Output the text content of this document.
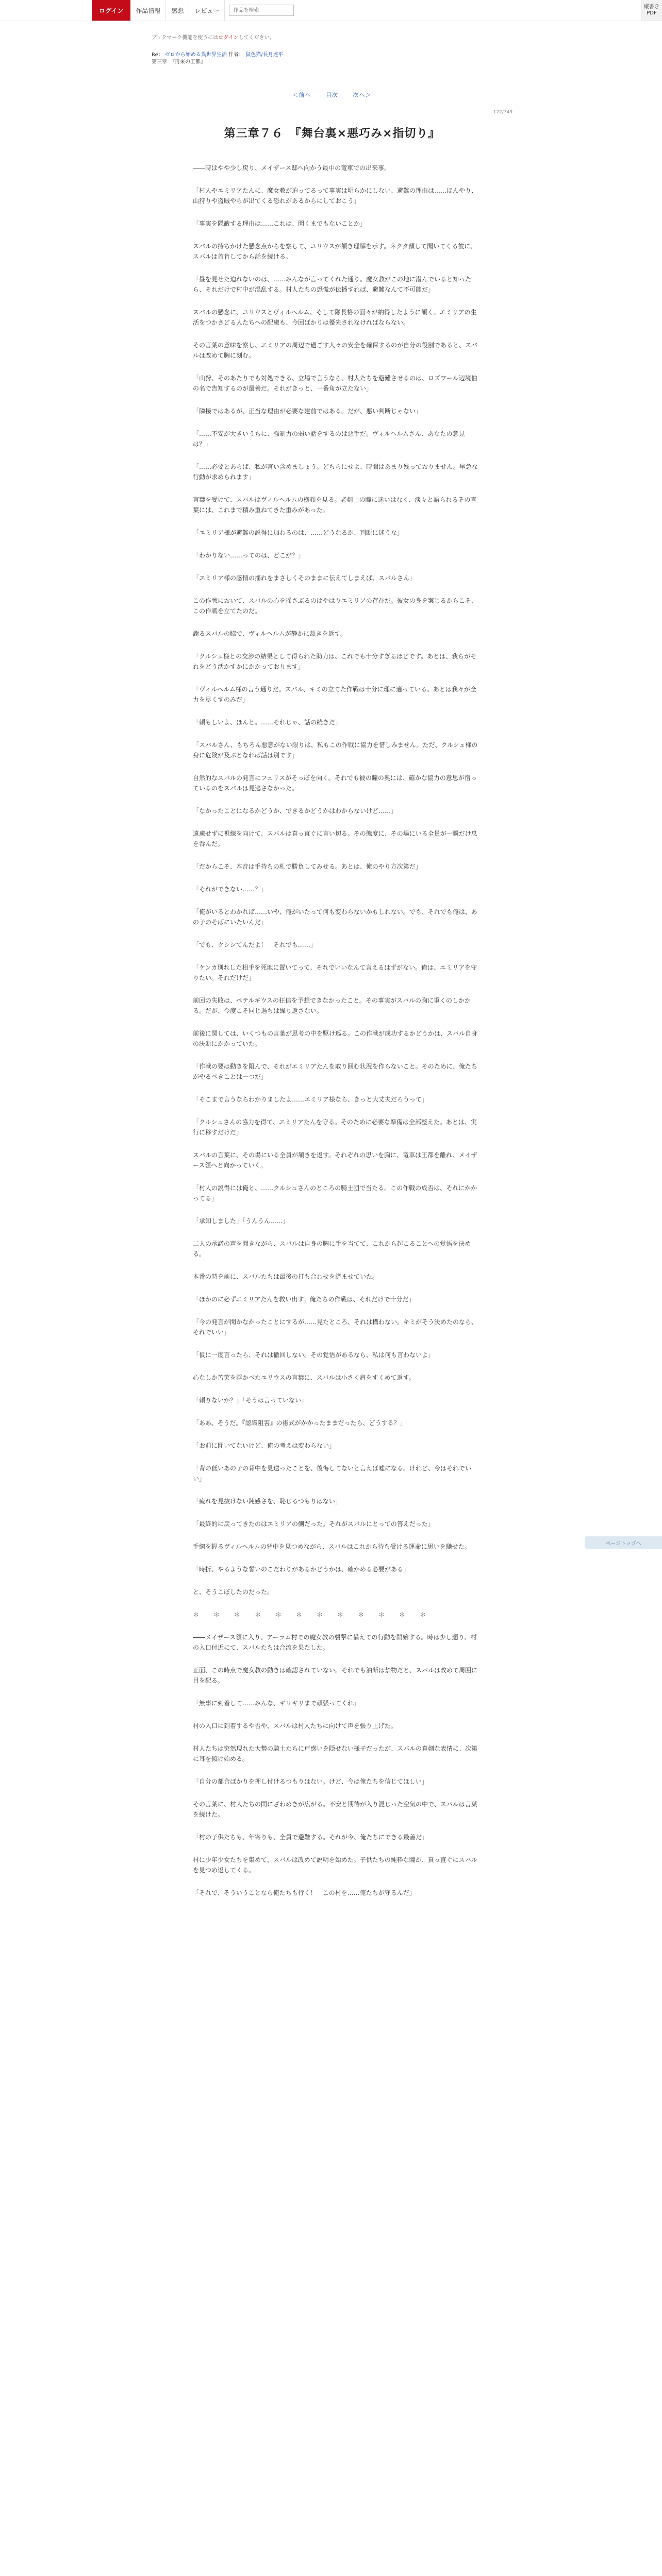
ログイン	作品情報	感想	レビュー
作品を検索	縦書きPDF
ブックマーク機能を使うにはログインしてください。
Re： ゼロから始める異世界生活 作者： 鼠色猫/長月達平
第三章　『再来の王都』
＜前へ	目次	次へ＞
122/749
第三章７６　『舞台裏×悪巧み×指切り』

――時はやや少し戻り、メイザース邸へ向かう最中の竜車での出来事。

「村人やエミリアたんに、魔女教が迫ってるって事実は明らかにしない、避難の理由は……ほんやり、山狩りや盗賊やらが出てくる恐れがあるからにしておこう」

「事実を隠蔽する理由は……これは、聞くまでもないことか」

スバルの持ちかけた懸念点からを察して、ユリウスが頷き理解を示す。ネクタ顔して聞いてくる彼に、スバルは首肯してから話を続ける。

「昼を見せた迫れないのは、……みんなが言ってくれた通り。魔女教がこの地に潜んでいると知ったら、それだけで村中が混乱する。村人たちの恐慌が伝播すれば、避難なんて不可能だ」

スバルの懸念に、ユリウスとヴィルヘルム、そして隊長格の面々が納得したように頷く。エミリアの生活をつかさどる人たちへの配慮も、今回ばかりは優先されなければならない。

その言葉の意味を察し、エミリアの周辺で過ごす人々の安全を確保するのが自分の役割であると、スバルは改めて胸に刻む。

「山狩、そのあたりでも対処できる、立場で言うなら、村人たちを避難させるのは、ロズワール辺境伯の名で告知するのが最善だ。それがきっと、一番角が立たない」

「隣接ではあるが、正当な理由が必要な建前ではある。だが、悪い判断じゃない」

「……不安が大きいうちに、強制力の弱い話をするのは悪手だ。ヴィルヘルムさん、あなたの意見は？」

「……必要とあらば、私が言い含めましょう。どちらにせよ、時間はあまり残っておりません。早急な行動が求められます」

言葉を受けて、スバルはヴィルヘルムの横顔を見る。老剣士の瞳に迷いはなく、淡々と語られるその言葉には、これまで積み重ねてきた重みがあった。

「エミリア様が避難の説得に加わるのは、……どうなるか、判断に迷うな」

「わかりない……ってのは、どこが？」

「エミリア様の感情の揺れをまさしくそのままに伝えてしまえば、スバルさん」

この作戦において、スバルの心を揺さぶるのはやはりエミリアの存在だ。彼女の身を案じるからこそ、この作戦を立てたのだ。

謝るスバルの脇で、ヴィルヘルムが静かに頷きを返す。

「クルシュ様との交渉の結果として得られた助力は、これでも十分すぎるほどです。あとは、我らがそれをどう活かすかにかかっております」

「ヴィルヘルム様の言う通りだ。スバル、キミの立てた作戦は十分に理に適っている。あとは我々が全力を尽くすのみだ」

「頼もしいよ、ほんと。……それじゃ、話の続きだ」

「スバルさん、もちろん悪意がない限りは、私もこの作戦に協力を惜しみません。ただ、クルシュ様の身に危険が及ぶとなれば話は別です」

自然的なスバルの発言にフェリスがそっぽを向く。それでも彼の瞳の奥には、確かな協力の意思が宿っているのをスバルは見逃さなかった。

「なかったことになるかどうか、できるかどうかはわからないけど……」

遠慮せずに視線を向けて、スバルは真っ直ぐに言い切る。その態度に、その場にいる全員が一瞬だけ息を呑んだ。

「だからこそ、本音は手持ちの札で勝負してみせる。あとは、俺のやり方次第だ」

「それができない……？」

「俺がいるとわかれば……いや、俺がいたって何も変わらないかもしれない。でも、それでも俺は、あの子のそばにいたいんだ」

「でも、クシシてんだよ！　それでも……」

「ケンカ別れした相手を死地に置いてって、それでいいなんて言えるはずがない。俺は、エミリアを守りたい。それだけだ」

前回の失敗は、ペテルギウスの狂信を予想できなかったこと。その事実がスバルの胸に重くのしかかる。だが、今度こそ同じ過ちは繰り返さない。

前後に関しては、いくつもの言葉が思考の中を駆け巡る。この作戦が成功するかどうかは、スバル自身の決断にかかっていた。

「作戦の要は動きを阻んで、それがエミリアたんを取り囲む状況を作らないこと。そのために、俺たちがやるべきことは一つだ」

「そこまで言うならわかりましたよ……エミリア様なら、きっと大丈夫だろうって」

「クルシュさんの協力を得て、エミリアたんを守る。そのために必要な準備は全部整えた。あとは、実行に移すだけだ」

スバルの言葉に、その場にいる全員が頷きを返す。それぞれの思いを胸に、竜車は王都を離れ、メイザース領へと向かっていく。

「村人の説得には俺と、……クルシュさんのところの騎士団で当たる。この作戦の成否は、それにかかってる」

「承知しました」「うんうん……」

二人の承諾の声を聞きながら、スバルは自身の胸に手を当てて、これから起こることへの覚悟を決める。

本番の時を前に、スバルたちは最後の打ち合わせを済ませていた。

「ほかのに必ずエミリアたんを救い出す。俺たちの作戦は、それだけで十分だ」

「今の発言が聞かなかったことにするが……見たところ、それは構わない。キミがそう決めたのなら、それでいい」

「仮に一度言ったら、それは撤回しない。その覚悟があるなら、私は何も言わないよ」

心なしか苦笑を浮かべたユリウスの言葉に、スバルは小さく肩をすくめて返す。

「頼りないか？」「そうは言っていない」

「ああ、そうだ。『認識阻害』の術式がかかったままだったら、どうする？」

「お前に聞いてないけど、俺の考えは変わらない」

「背の低いあの子の背中を見送ったことを、後悔してないと言えば嘘になる。けれど、今はそれでいい」

「疲れを見抜けない鈍感さを、恥じるつもりはない」

「最終的に戻ってきたのはエミリアの側だった。それがスバルにとっての答えだった」

手綱を握るヴィルヘルムの背中を見つめながら、スバルはこれから待ち受ける運命に思いを馳せた。

「時折、やるような誓いのこだわりがあるかどうかは、確かめる必要がある」

と、そうこぼしたのだった。

＊　＊　＊　＊　＊　＊　＊　＊　＊　＊　＊　＊

――メイザース領に入り、アーラム村での魔女教の襲撃に備えての行動を開始する。時は少し遡り、村の入口付近にて、スバルたちは合流を果たした。

正面、この時点で魔女教の動きは確認されていない。それでも油断は禁物だと、スバルは改めて周囲に目を配る。

「無事に到着して……みんな、ギリギリまで頑張ってくれ」

村の入口に到着するや否や、スバルは村人たちに向けて声を張り上げた。

村人たちは突然現れた大勢の騎士たちに戸惑いを隠せない様子だったが、スバルの真剣な表情に、次第に耳を傾け始める。

「自分の都合ばかりを押し付けるつもりはない。けど、今は俺たちを信じてほしい」

その言葉に、村人たちの間にざわめきが広がる。不安と期待が入り混じった空気の中で、スバルは言葉を続けた。

「村の子供たちも、年寄りも、全員で避難する。それが今、俺たちにできる最善だ」

村に少年少女たちを集めて、スバルは改めて説明を始めた。子供たちの純粋な瞳が、真っ直ぐにスバルを見つめ返してくる。

「それで、そういうことなら俺たちも行く！　この村を……俺たちが守るんだ」

ページトップへ
